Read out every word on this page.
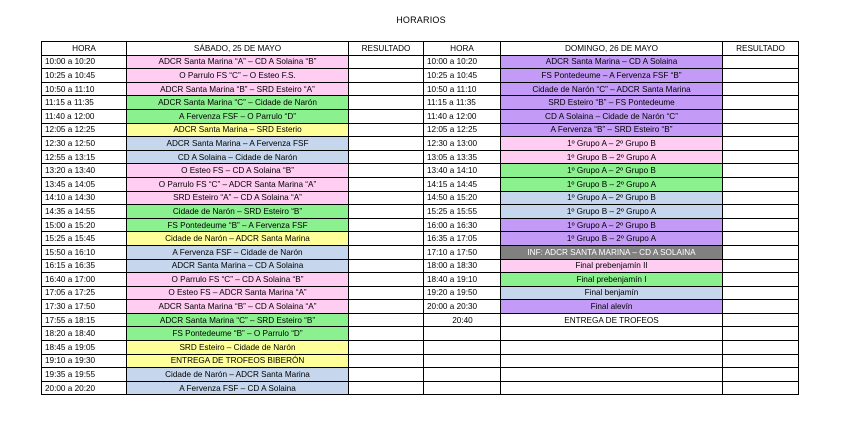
HORARIOS
HORA	SÁBADO, 25 DE MAYO	RESULTADO	HORA	DOMINGO, 26 DE MAYO	RESULTADO
10:00 a 10:20	ADCR Santa Marina “A” – CD A Solaina “B”		10:00 a 10:20	ADCR Santa Marina – CD A Solaina	
10:25 a 10:45	O Parrulo FS “C” – O Esteo F.S.		10:25 a 10:45	FS Pontedeume – A Fervenza FSF “B”	
10:50 a 11:10	ADCR Santa Marina “B” – SRD Esteiro “A”		10:50 a 11:10	Cidade de Narón “C” – ADCR Santa Marina	
11:15 a 11:35	ADCR Santa Marina “C” – Cidade de Narón		11:15 a 11:35	SRD Esteiro “B” – FS Pontedeume	
11:40 a 12:00	A Fervenza FSF – O Parrulo “D”		11:40 a 12:00	CD A Solaina – Cidade de Narón “C”	
12:05 a 12:25	ADCR Santa Marina – SRD Esterio		12:05 a 12:25	A Fervenza “B” – SRD Esteiro “B”	
12:30 a 12:50	ADCR Santa Marina – A Fervenza FSF		12:30 a 13:00	1º Grupo A – 2º Grupo B	
12:55 a 13:15	CD A Solaina – Cidade de Narón		13:05 a 13:35	1º Grupo B – 2º Grupo A	
13:20 a 13:40	O Esteo FS – CD A Solaina “B”		13:40 a 14:10	1º Grupo A – 2º Grupo B	
13:45 a 14:05	O Parrulo FS “C” – ADCR Santa Marina “A”		14:15 a 14:45	1º Grupo B – 2º Grupo A	
14:10 a 14:30	SRD Esteiro “A” – CD A Solaina “A”		14:50 a 15:20	1º Grupo A – 2º Grupo B	
14:35 a 14:55	Cidade de Narón – SRD Esteiro “B”		15:25 a 15:55	1º Grupo B – 2º Grupo A	
15:00 a 15:20	FS Pontedeume “B” – A Fervenza FSF		16:00 a 16:30	1º Grupo A – 2º Grupo B	
15:25 a 15:45	Cidade de Narón – ADCR Santa Marina		16:35 a 17:05	1º Grupo B – 2º Grupo A	
15:50 a 16:10	A Fervenza FSF – Cidade de Narón		17:10 a 17:50	INF: ADCR SANTA MARINA – CD A SOLAINA	
16:15 a 16:35	ADCR Santa Marina – CD A Solaina		18:00 a 18:30	Final prebenjamín II	
16:40 a 17:00	O Parrulo FS “C” – CD A Solaina “B”		18:40 a 19:10	Final prebenjamín I	
17:05 a 17:25	O Esteo FS – ADCR Santa Marina “A”		19:20 a 19:50	Final benjamín	
17:30 a 17:50	ADCR Santa Marina “B” – CD A Solaina “A”		20:00 a 20:30	Final alevín	
17:55 a 18:15	ADCR Santa Marina “C” – SRD Esteiro “B”		20:40	ENTREGA DE TROFEOS	
18:20 a 18:40	FS Pontedeume “B” – O Parrulo “D”				
18:45 a 19:05	SRD Esteiro – Cidade de Narón				
19:10 a 19:30	ENTREGA DE TROFEOS BIBERÓN				
19:35 a 19:55	Cidade de Narón – ADCR Santa Marina				
20:00 a 20:20	A Fervenza FSF – CD A Solaina				
